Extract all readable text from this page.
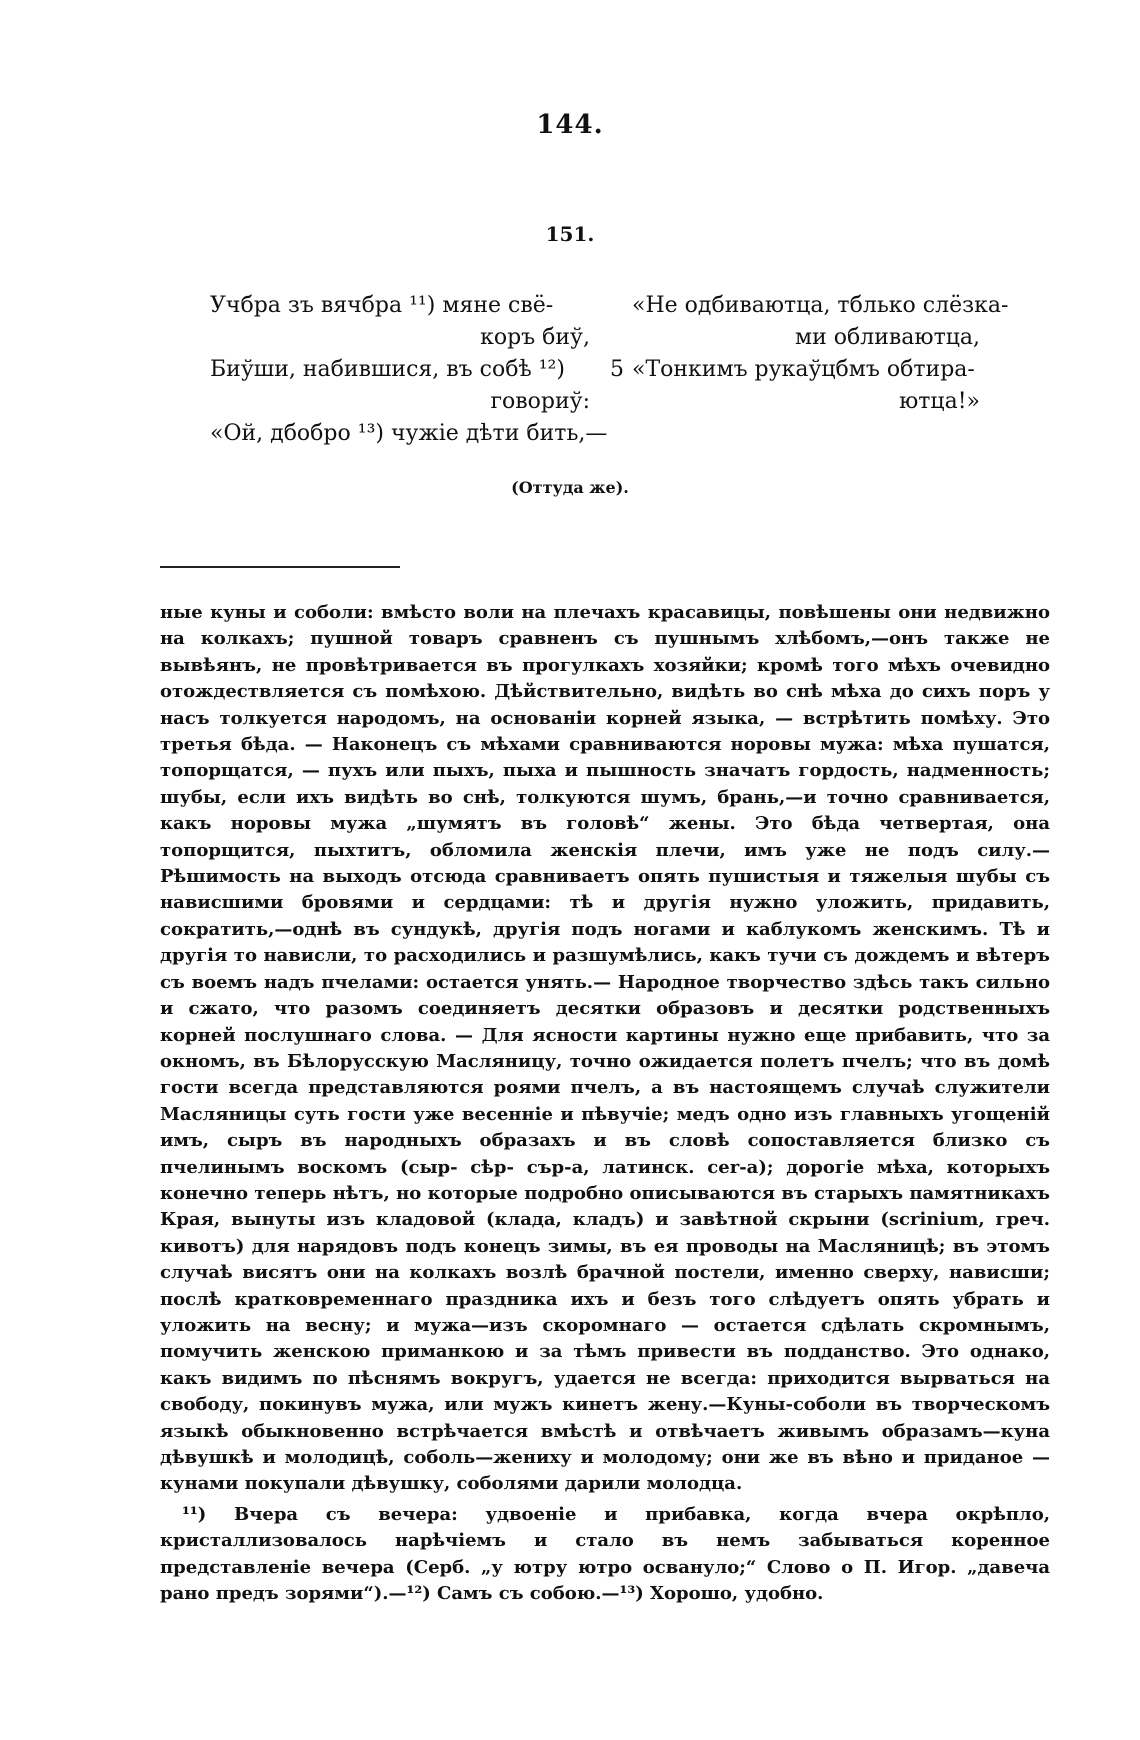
144.
151.
Учбра зъ вячбра ¹¹) мяне свё-
коръ биў,
Биўши, набившися, въ собѣ ¹²)
говориў:
«Ой, дбобро ¹³) чужіе дѣти бить,—
«Не одбиваютца, тблько слёзка-
ми обливаютца,
5 «Тонкимъ рукаўцбмъ обтира-
ютца!»
(Оттуда же).

ные куны и соболи: вмѣсто воли на плечахъ красавицы, повѣшены они недвижно на колкахъ; пушной товаръ сравненъ съ пушнымъ хлѣбомъ,—онъ также не вывѣянъ, не провѣтривается въ прогулкахъ хозяйки; кромѣ того мѣхъ очевидно отождествляется съ помѣхою. Дѣйствительно, видѣть во снѣ мѣха до сихъ поръ у насъ толкуется народомъ, на основаніи корней языка, — встрѣтить помѣху. Это третья бѣда. — Наконецъ съ мѣхами сравниваются норовы мужа: мѣха пушатся, топорщатся, — пухъ или пыхъ, пыха и пышность значатъ гордость, надменность; шубы, если ихъ видѣть во снѣ, толкуются шумъ, брань,—и точно сравнивается, какъ норовы мужа „шумятъ въ головѣ“ жены. Это бѣда четвертая, она топорщится, пыхтитъ, обломила женскія плечи, имъ уже не подъ силу.— Рѣшимость на выходъ отсюда сравниваетъ опять пушистыя и тяжелыя шубы съ нависшими бровями и сердцами: тѣ и другія нужно уложить, придавить, сократить,—однѣ въ сундукѣ, другія подъ ногами и каблукомъ женскимъ. Тѣ и другія то нависли, то расходились и разшумѣлись, какъ тучи съ дождемъ и вѣтеръ съ воемъ надъ пчелами: остается унять.— Народное творчество здѣсь такъ сильно и сжато, что разомъ соединяетъ десятки образовъ и десятки родственныхъ корней послушнаго слова. — Для ясности картины нужно еще прибавить, что за окномъ, въ Бѣлорусскую Масляницу, точно ожидается полетъ пчелъ; что въ домѣ гости всегда представляются роями пчелъ, а въ настоящемъ случаѣ служители Масляницы суть гости уже весенніе и пѣвучіе; медъ одно изъ главныхъ угощеній имъ, сыръ въ народныхъ образахъ и въ словѣ сопоставляется близко съ пчелинымъ воскомъ (сыр- сѣр- сър-а, латинск. cer-a); дорогіе мѣха, которыхъ конечно теперь нѣтъ, но которые подробно описываются въ старыхъ памятникахъ Края, вынуты изъ кладовой (клада, кладъ) и завѣтной скрыни (scrinium, греч. кивотъ) для нарядовъ подъ конецъ зимы, въ ея проводы на Масляницѣ; въ этомъ случаѣ висятъ они на колкахъ возлѣ брачной постели, именно сверху, нависши; послѣ кратковременнаго праздника ихъ и безъ того слѣдуетъ опять убрать и уложить на весну; и мужа—изъ скоромнаго — остается сдѣлать скромнымъ, помучить женскою приманкою и за тѣмъ привести въ подданство. Это однако, какъ видимъ по пѣснямъ вокругъ, удается не всегда: приходится вырваться на свободу, покинувъ мужа, или мужъ кинетъ жену.—Куны-соболи въ творческомъ языкѣ обыкновенно встрѣчается вмѣстѣ и отвѣчаетъ живымъ образамъ—куна дѣвушкѣ и молодицѣ, соболь—жениху и молодому; они же въ вѣно и приданое — кунами покупали дѣвушку, соболями дарили молодца.

¹¹) Вчера съ вечера: удвоеніе и прибавка, когда вчера окрѣпло, кристаллизовалось нарѣчіемъ и стало въ немъ забываться коренное представленіе вечера (Серб. „у ютру ютро освануло;“ Слово о П. Игор. „давеча рано предъ зорями“).—¹²) Самъ съ собою.—¹³) Хорошо, удобно.
